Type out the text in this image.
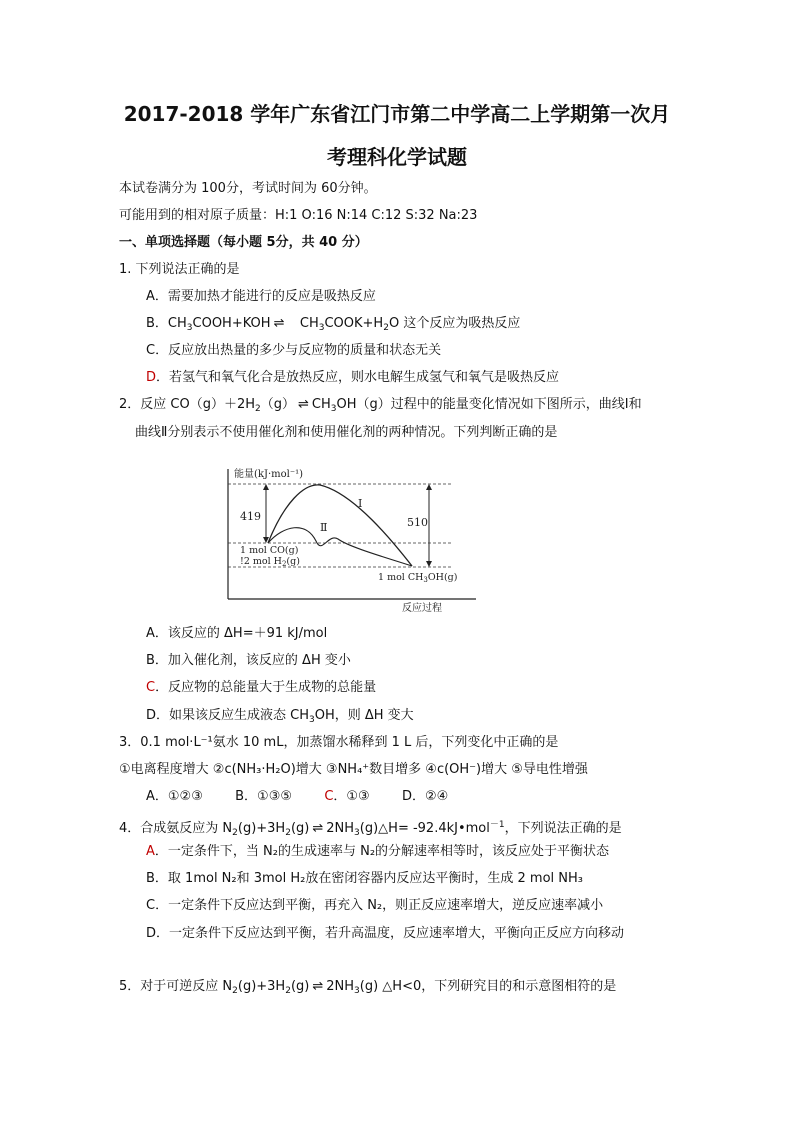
2017-2018 学年广东省江门市第二中学高二上学期第一次月
考理科化学试题
本试卷满分为 100分，考试时间为 60分钟。
可能用到的相对原子质量：H:1 O:16 N:14 C:12 S:32 Na:23
一、单项选择题（每小题 5分，共 40 分）
1. 下列说法正确的是
A．需要加热才能进行的反应是吸热反应
B．$CH_3COOH+KOH$ ⇌ $CH_3COOK+H_2O$ 这个反应为吸热反应
C．反应放出热量的多少与反应物的质量和状态无关
D．若氢气和氧气化合是放热反应，则水电解生成氢气和氧气是吸热反应
2．反应 $CO(g)+2H_2(g)$ ⇌ $CH_3OH(g)$过程中的能量变化情况如下图所示，曲线Ⅰ和
曲线Ⅱ分别表示不使用催化剂和使用催化剂的两种情况。下列判断正确的是
能量(kJ·mol⁻¹)
反应过程
Ⅰ
Ⅱ
419	510
1 mol CO(g)
!2 mol $H_2(g)$
1 mol $CH_3OH(g)$
A．该反应的 ΔH=＋91 kJ/mol
B．加入催化剂，该反应的 ΔH 变小
C．反应物的总能量大于生成物的总能量
D．如果该反应生成液态 $CH_3OH$，则 ΔH 变大
3．0.1 mol·L⁻¹氨水 10 mL，加蒸馏水稀释到 1 L 后，下列变化中正确的是
①电离程度增大 ②c(NH₃·H₂O)增大 ③NH₄⁺数目增多 ④c(OH⁻)增大 ⑤导电性增强
A．①②③ B．①③⑤ C．①③ D．②④
4．合成氨反应为 $N_2(g)+3H_2(g)$ ⇌ $2NH_3(g)\triangle H=$ -92.4kJ•mol$^{-1}$，下列说法正确的是
A．一定条件下，当 N₂的生成速率与 N₂的分解速率相等时，该反应处于平衡状态
B．取 1mol N₂和 3mol H₂放在密闭容器内反应达平衡时，生成 2 mol NH₃
C．一定条件下反应达到平衡，再充入 N₂，则正反应速率增大，逆反应速率减小
D．一定条件下反应达到平衡，若升高温度，反应速率增大，平衡向正反应方向移动
5．对于可逆反应 $N_2(g)+3H_2(g)$ ⇌ $2NH_3(g)$ △H<0，下列研究目的和示意图相符的是
